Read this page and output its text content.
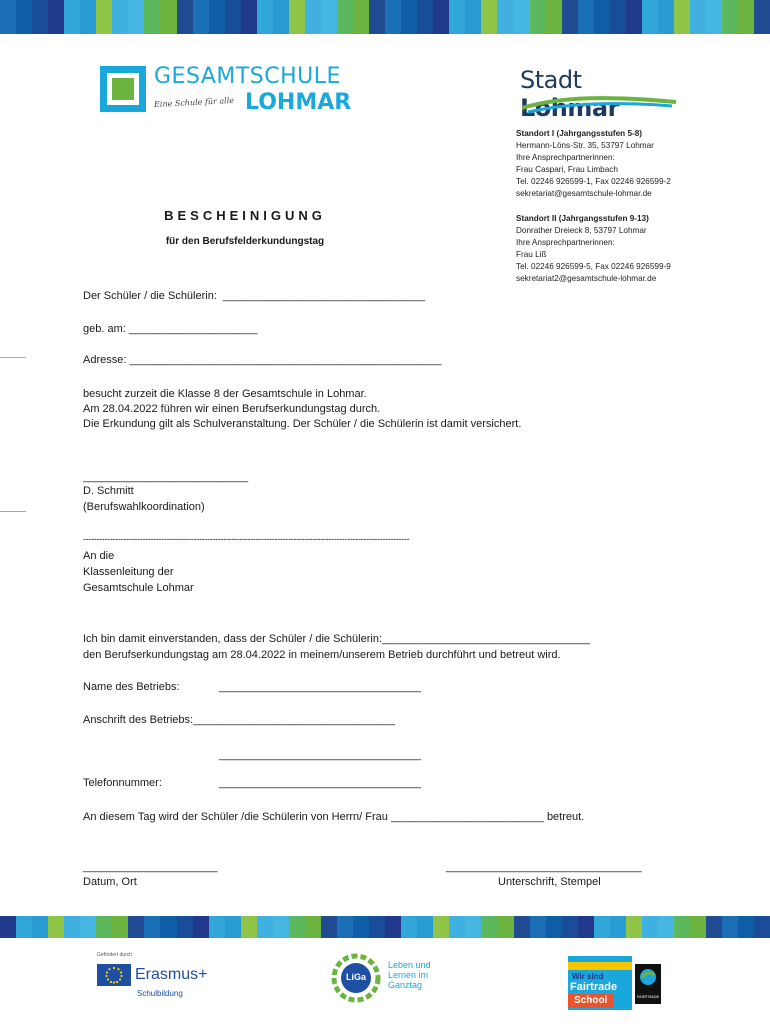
GESAMTSCHULE
Eine Schule für alle LOHMAR
Stadt Lohmar
Standort I (Jahrgangsstufen 5-8)
Hermann-Löns-Str. 35, 53797 Lohmar
Ihre Ansprechpartnerinnen:
Frau Caspari, Frau Limbach
Tel. 02246 926599-1, Fax 02246 926599-2
sekretariat@gesamtschule-lohmar.de
Standort II (Jahrgangsstufen 9-13)
Donrather Dreieck 8, 53797 Lohmar
Ihre Ansprechpartnerinnen:
Frau Liß
Tel. 02246 926599-5, Fax 02246 926599-9
sekretariat2@gesamtschule-lohmar.de
BESCHEINIGUNG
für den Berufsfelderkundungstag
Der Schüler / die Schülerin:  _________________________________
geb. am: _____________________
Adresse: ___________________________________________________
besucht zurzeit die Klasse 8 der Gesamtschule in Lohmar.
Am 28.04.2022 führen wir einen Berufserkundungstag durch.
Die Erkundung gilt als Schulveranstaltung. Der Schüler / die Schülerin ist damit versichert.
___________________________
D. Schmitt
(Berufswahlkoordination)
-------------------------------------------------------------------------------------------------------------------------
An die
Klassenleitung der
Gesamtschule Lohmar
Ich bin damit einverstanden, dass der Schüler / die Schülerin:__________________________________
den Berufserkundungstag am 28.04.2022 in meinem/unserem Betrieb durchführt und betreut wird.
Name des Betriebs:	_________________________________
Anschrift des Betriebs:_________________________________
_________________________________
Telefonnummer:	_________________________________
An diesem Tag wird der Schüler /die Schülerin von Herrn/ Frau _________________________ betreut.
______________________
Datum, Ort
________________________________
Unterschrift, Stempel
Gefördert durch
Erasmus+
Schulbildung
LiGa
Leben und
Lernen im
Ganztag
Wir sind
Fairtrade
School	FAIRTRADE
